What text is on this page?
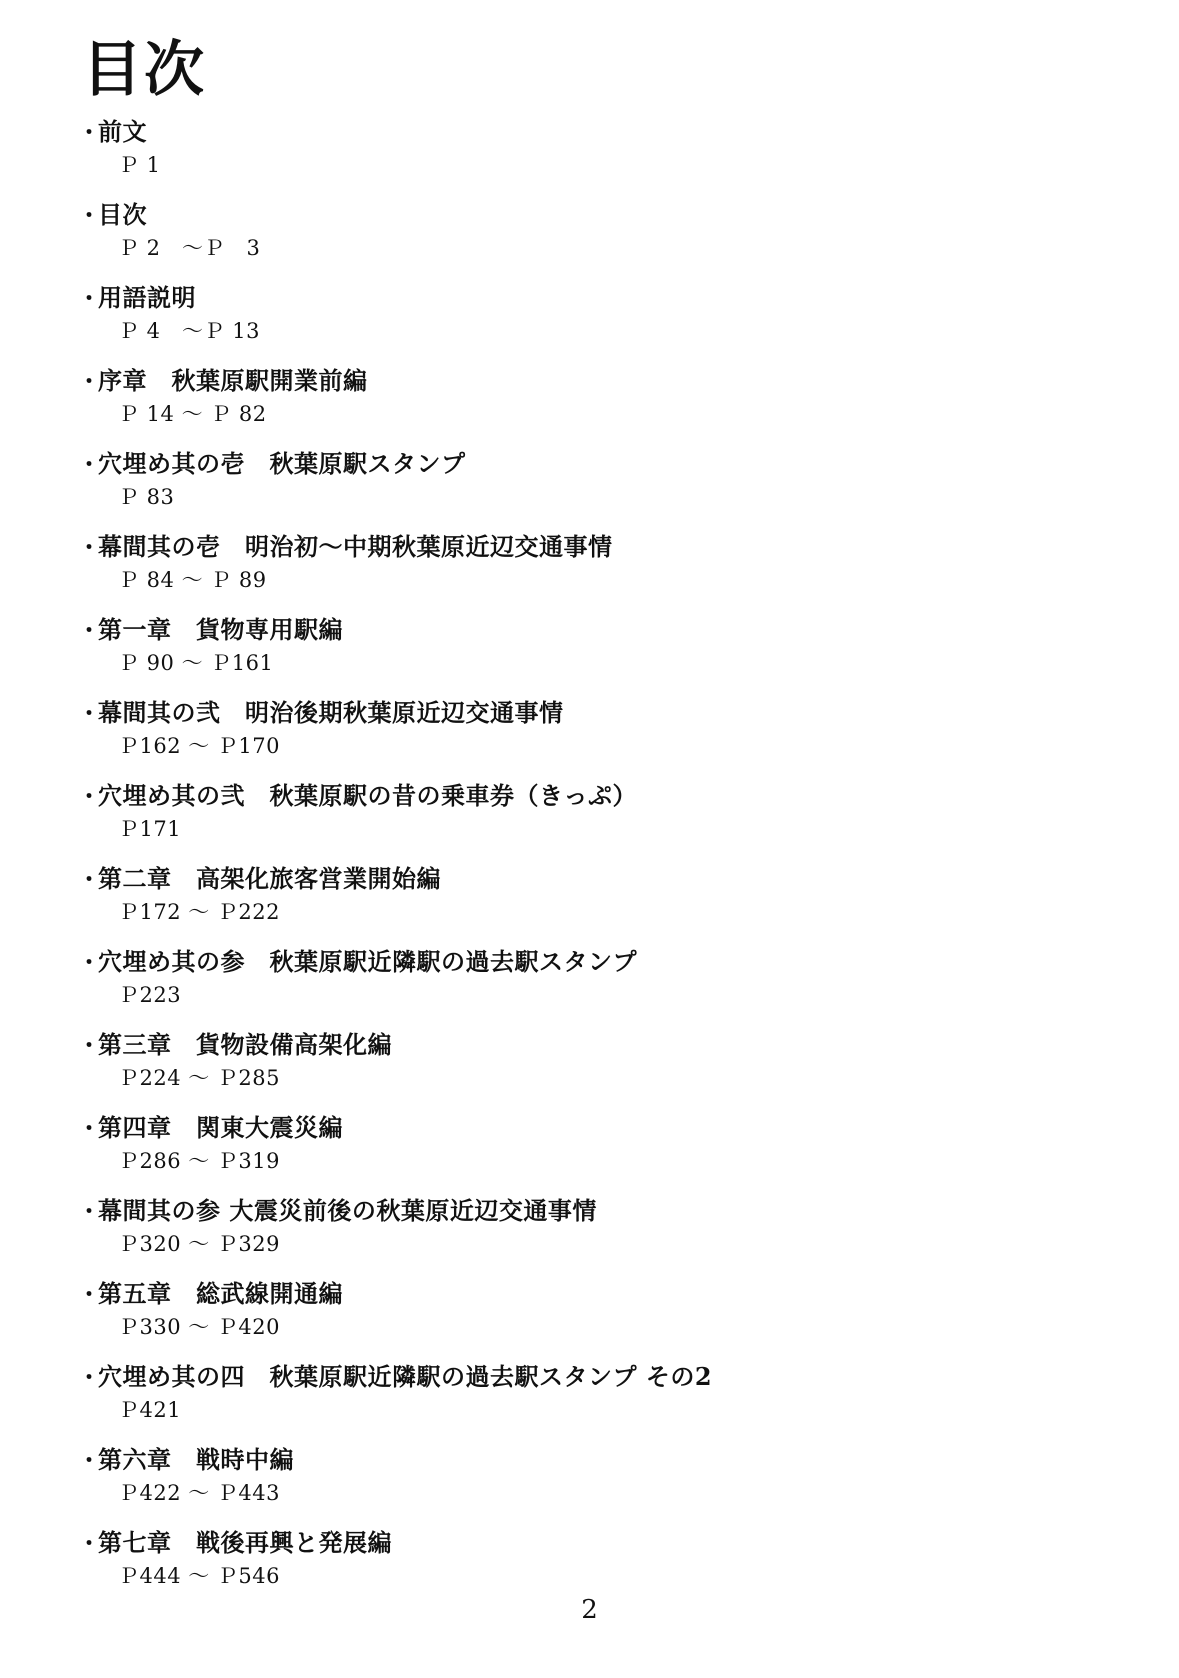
目次
・
前文
Ｐ 1
・
目次
Ｐ 2　～Ｐ　3
・
用語説明
Ｐ 4　～Ｐ 13
・
序章　秋葉原駅開業前編
Ｐ 14 ～ Ｐ 82
・
穴埋め其の壱　秋葉原駅スタンプ
Ｐ 83
・
幕間其の壱　明治初～中期秋葉原近辺交通事情
Ｐ 84 ～ Ｐ 89
・
第一章　貨物専用駅編
Ｐ 90 ～ Ｐ161
・
幕間其の弐　明治後期秋葉原近辺交通事情
Ｐ162 ～ Ｐ170
・
穴埋め其の弐　秋葉原駅の昔の乗車券（きっぷ）
Ｐ171
・
第二章　高架化旅客営業開始編
Ｐ172 ～ Ｐ222
・
穴埋め其の参　秋葉原駅近隣駅の過去駅スタンプ
Ｐ223
・
第三章　貨物設備高架化編
Ｐ224 ～ Ｐ285
・
第四章　関東大震災編
Ｐ286 ～ Ｐ319
・
幕間其の参 大震災前後の秋葉原近辺交通事情
Ｐ320 ～ Ｐ329
・
第五章　総武線開通編
Ｐ330 ～ Ｐ420
・
穴埋め其の四　秋葉原駅近隣駅の過去駅スタンプ その2
Ｐ421
・
第六章　戦時中編
Ｐ422 ～ Ｐ443
・
第七章　戦後再興と発展編
Ｐ444 ～ Ｐ546
2
